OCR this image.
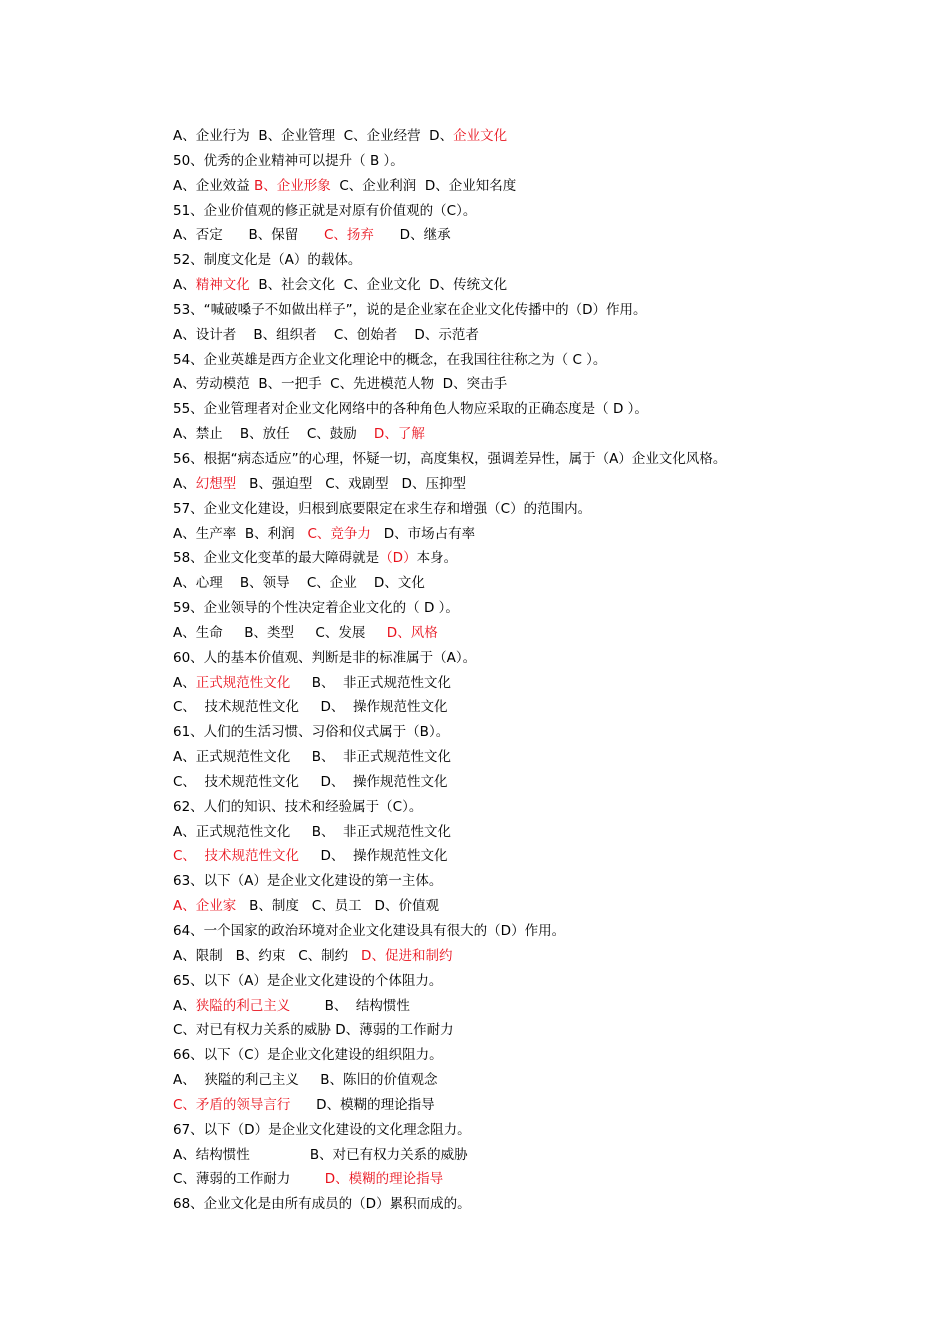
A、企业行为  B、企业管理  C、企业经营  D、企业文化
50、优秀的企业精神可以提升（ B ）。
A、企业效益 B、企业形象  C、企业利润  D、企业知名度
51、企业价值观的修正就是对原有价值观的（C）。
A、否定      B、保留      C、扬弃      D、继承
52、制度文化是（A）的载体。
A、精神文化  B、社会文化  C、企业文化  D、传统文化
53、“喊破嗓子不如做出样子”，说的是企业家在企业文化传播中的（D）作用。
A、设计者    B、组织者    C、创始者    D、示范者
54、企业英雄是西方企业文化理论中的概念，在我国往往称之为（ C ）。
A、劳动模范  B、一把手  C、先进模范人物  D、突击手
55、企业管理者对企业文化网络中的各种角色人物应采取的正确态度是（ D ）。
A、禁止    B、放任    C、鼓励    D、了解
56、根据“病态适应”的心理，怀疑一切，高度集权，强调差异性，属于（A）企业文化风格。
A、幻想型   B、强迫型   C、戏剧型   D、压抑型
57、企业文化建设，归根到底要限定在求生存和增强（C）的范围内。
A、生产率  B、利润   C、竞争力   D、市场占有率
58、企业文化变革的最大障碍就是（D）本身。
A、心理    B、领导    C、企业    D、文化
59、企业领导的个性决定着企业文化的（ D ）。
A、生命     B、类型     C、发展     D、风格
60、人的基本价值观、判断是非的标准属于（A）。
A、正式规范性文化     B、  非正式规范性文化
C、  技术规范性文化     D、  操作规范性文化
61、人们的生活习惯、习俗和仪式属于（B）。
A、正式规范性文化     B、  非正式规范性文化
C、  技术规范性文化     D、  操作规范性文化
62、人们的知识、技术和经验属于（C）。
A、正式规范性文化     B、  非正式规范性文化
C、  技术规范性文化     D、  操作规范性文化
63、以下（A）是企业文化建设的第一主体。
A、企业家   B、制度   C、员工   D、价值观
64、一个国家的政治环境对企业文化建设具有很大的（D）作用。
A、限制   B、约束   C、制约   D、促进和制约
65、以下（A）是企业文化建设的个体阻力。
A、狭隘的利己主义        B、  结构惯性
C、对已有权力关系的威胁 D、薄弱的工作耐力
66、以下（C）是企业文化建设的组织阻力。
A、  狭隘的利己主义     B、陈旧的价值观念
C、矛盾的领导言行      D、模糊的理论指导
67、以下（D）是企业文化建设的文化理念阻力。
A、结构惯性              B、对已有权力关系的威胁
C、薄弱的工作耐力        D、模糊的理论指导
68、企业文化是由所有成员的（D）累积而成的。
